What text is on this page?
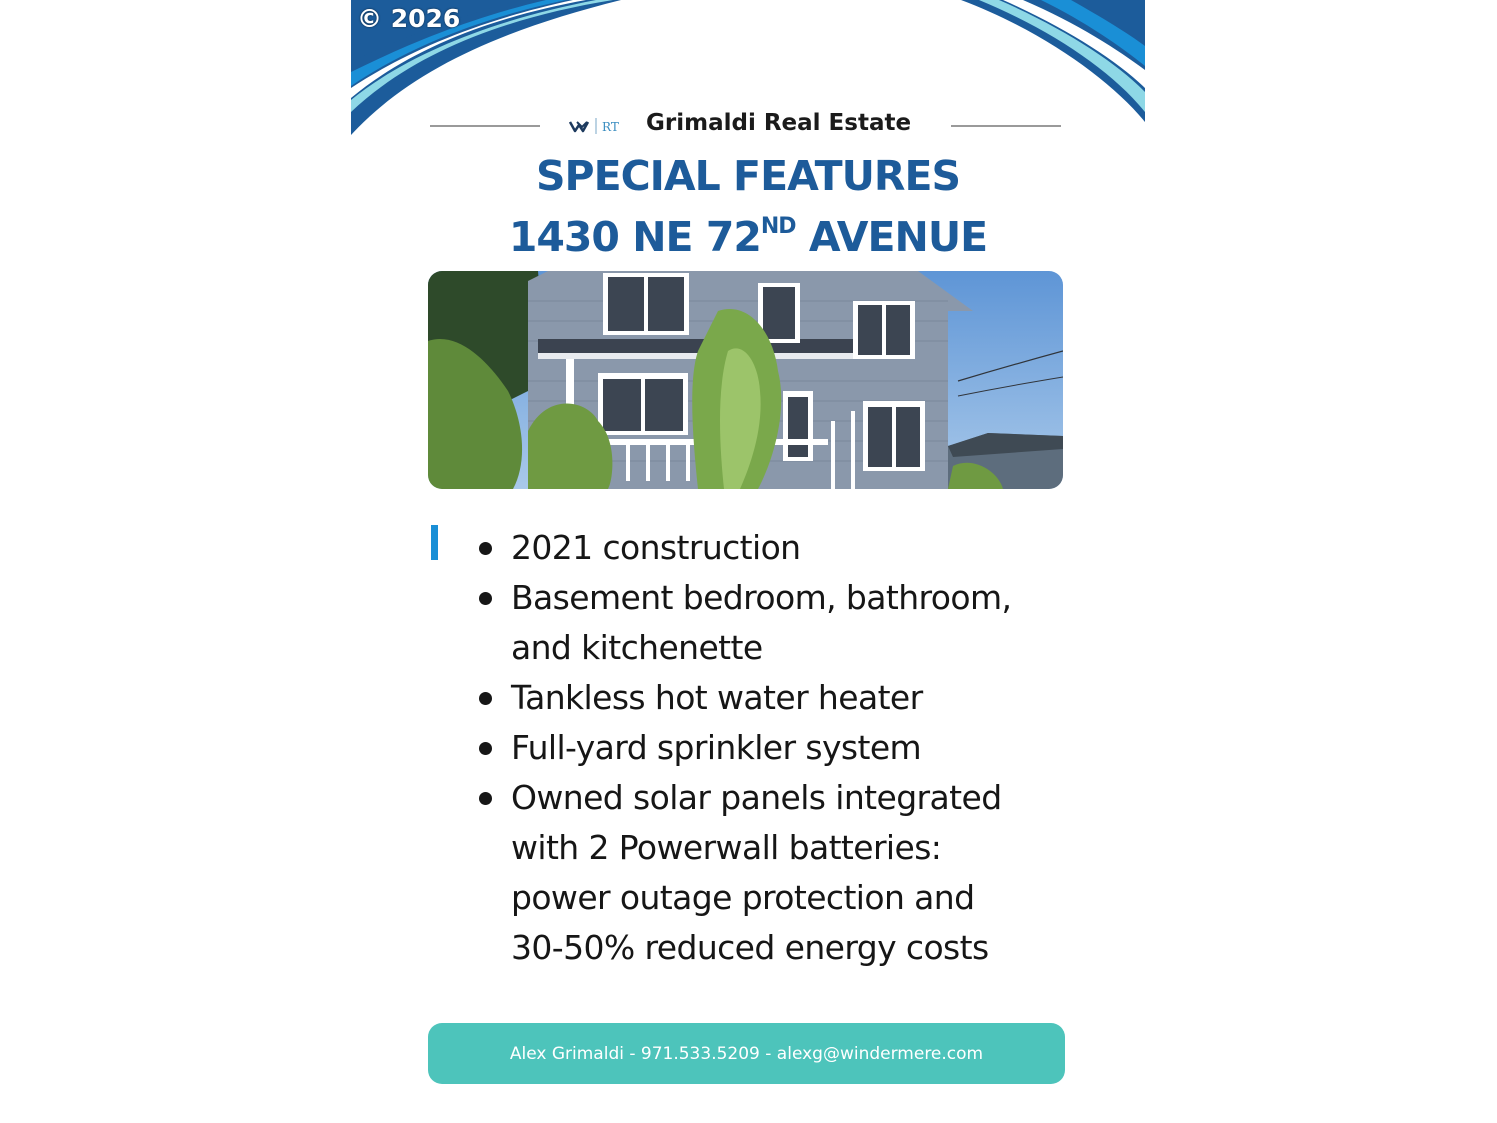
© 2026
RT Grimaldi Real Estate
SPECIAL FEATURES
1430 NE 72ND AVENUE
2021 construction
Basement bedroom, bathroom, and kitchenette
Tankless hot water heater
Full-yard sprinkler system
Owned solar panels integrated with 2 Powerwall batteries: power outage protection and 30-50% reduced energy costs
Alex Grimaldi - 971.533.5209 - alexg@windermere.com
